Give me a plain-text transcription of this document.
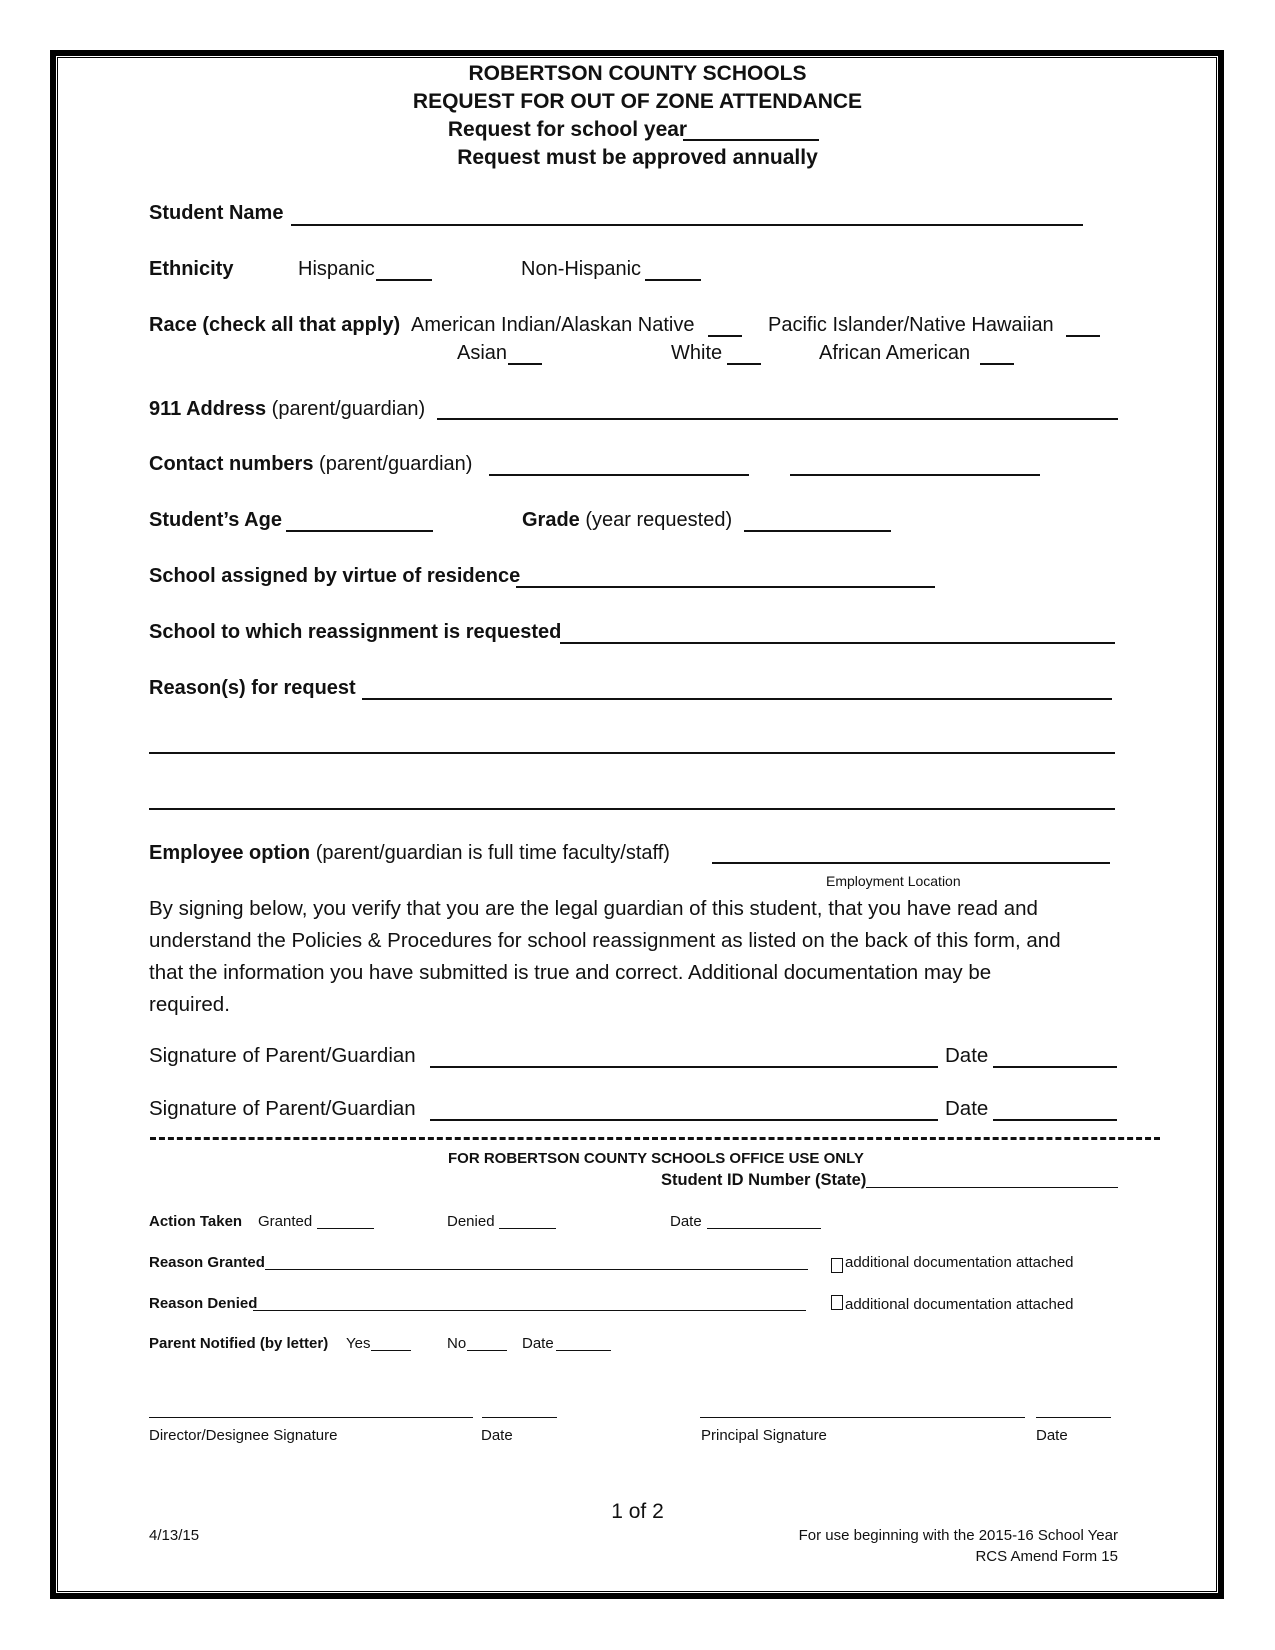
ROBERTSON COUNTY SCHOOLS
REQUEST FOR OUT OF ZONE ATTENDANCE
Request for school year
Request must be approved annually
Student Name
Ethnicity	Hispanic	Non-Hispanic
Race (check all that apply) American Indian/Alaskan Native	Pacific Islander/Native Hawaiian
Asian	White	African American
911 Address (parent/guardian)
Contact numbers (parent/guardian)
Student’s Age	Grade (year requested)
School assigned by virtue of residence
School to which reassignment is requested
Reason(s) for request
Employee option (parent/guardian is full time faculty/staff)
Employment Location
By signing below, you verify that you are the legal guardian of this student, that you have read and
understand the Policies & Procedures for school reassignment as listed on the back of this form, and
that the information you have submitted is true and correct. Additional documentation may be
required.
Signature of Parent/Guardian	Date
Signature of Parent/Guardian	Date
FOR ROBERTSON COUNTY SCHOOLS OFFICE USE ONLY
Student ID Number (State)
Action Taken Granted	Denied	Date
Reason Granted	additional documentation attached
Reason Denied	additional documentation attached
Parent Notified (by letter) Yes	No	Date
Director/Designee Signature	Date	Principal Signature	Date
1 of 2
4/13/15	For use beginning with the 2015-16 School Year
RCS Amend Form 15
